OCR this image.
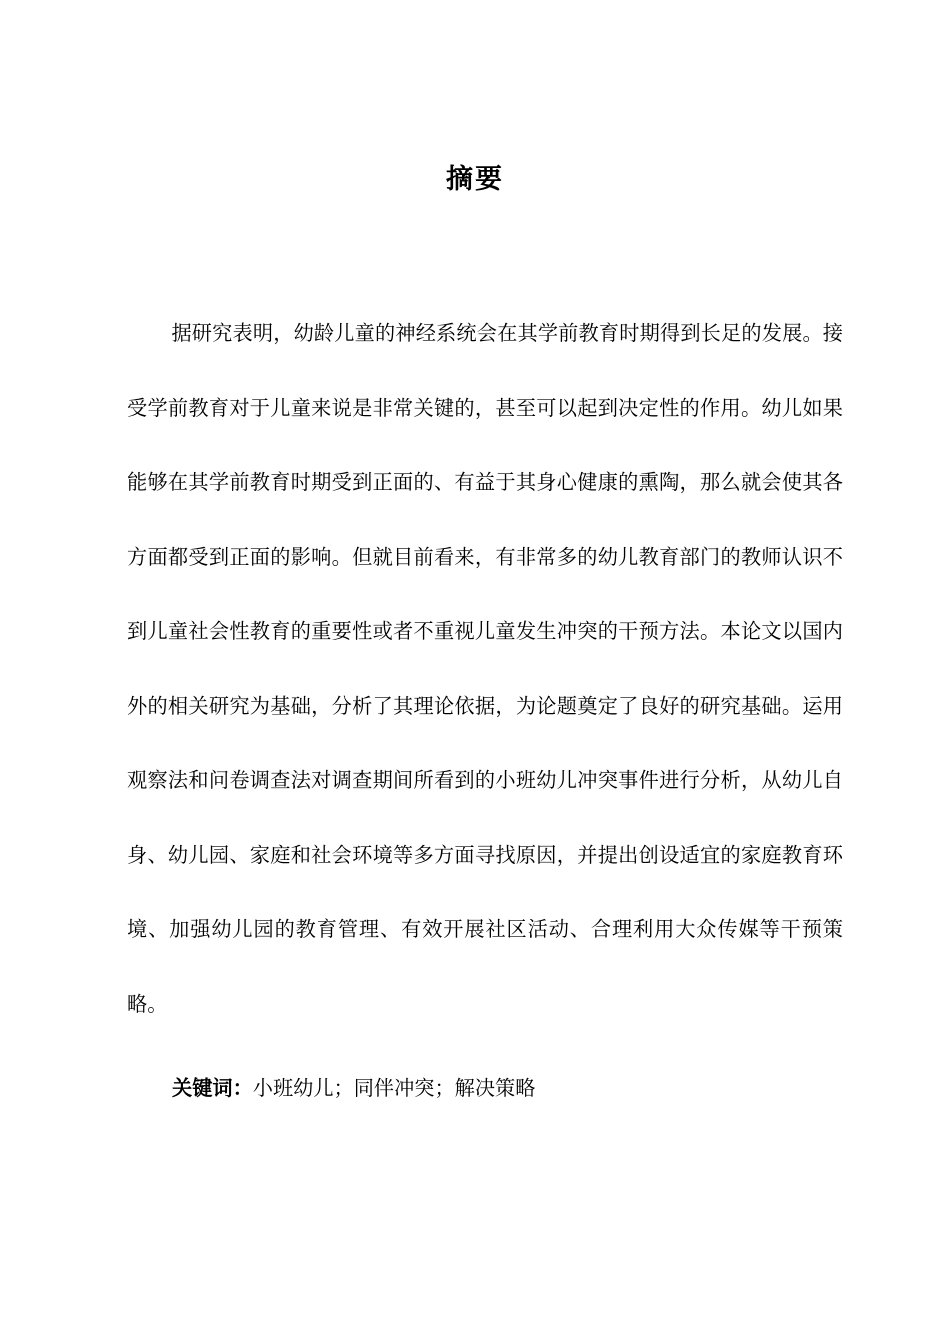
摘要

据研究表明，幼龄儿童的神经系统会在其学前教育时期得到长足的发展。接受学前教育对于儿童来说是非常关键的，甚至可以起到决定性的作用。幼儿如果能够在其学前教育时期受到正面的、有益于其身心健康的熏陶，那么就会使其各方面都受到正面的影响。但就目前看来，有非常多的幼儿教育部门的教师认识不到儿童社会性教育的重要性或者不重视儿童发生冲突的干预方法。本论文以国内外的相关研究为基础，分析了其理论依据，为论题奠定了良好的研究基础。运用观察法和问卷调查法对调查期间所看到的小班幼儿冲突事件进行分析，从幼儿自身、幼儿园、家庭和社会环境等多方面寻找原因，并提出创设适宜的家庭教育环境、加强幼儿园的教育管理、有效开展社区活动、合理利用大众传媒等干预策略。

关键词：小班幼儿；同伴冲突；解决策略
